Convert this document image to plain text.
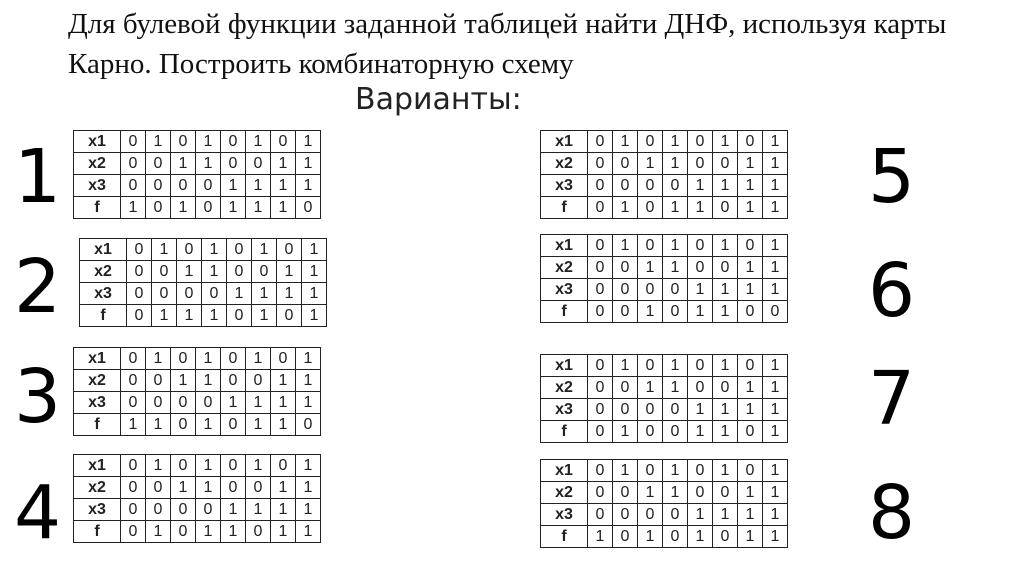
Для булевой функции заданной таблицей найти ДНФ, используя карты Карно. Построить комбинаторную схему
Варианты:
1
2
3
4
5
6
7
8
x1	0	1	0	1	0	1	0	1
x2	0	0	1	1	0	0	1	1
x3	0	0	0	0	1	1	1	1
f	1	0	1	0	1	1	1	0
x1	0	1	0	1	0	1	0	1
x2	0	0	1	1	0	0	1	1
x3	0	0	0	0	1	1	1	1
f	0	1	1	1	0	1	0	1
x1	0	1	0	1	0	1	0	1
x2	0	0	1	1	0	0	1	1
x3	0	0	0	0	1	1	1	1
f	1	1	0	1	0	1	1	0
x1	0	1	0	1	0	1	0	1
x2	0	0	1	1	0	0	1	1
x3	0	0	0	0	1	1	1	1
f	0	1	0	1	1	0	1	1
x1	0	1	0	1	0	1	0	1
x2	0	0	1	1	0	0	1	1
x3	0	0	0	0	1	1	1	1
f	0	1	0	1	1	0	1	1
x1	0	1	0	1	0	1	0	1
x2	0	0	1	1	0	0	1	1
x3	0	0	0	0	1	1	1	1
f	0	0	1	0	1	1	0	0
x1	0	1	0	1	0	1	0	1
x2	0	0	1	1	0	0	1	1
x3	0	0	0	0	1	1	1	1
f	0	1	0	0	1	1	0	1
x1	0	1	0	1	0	1	0	1
x2	0	0	1	1	0	0	1	1
x3	0	0	0	0	1	1	1	1
f	1	0	1	0	1	0	1	1
